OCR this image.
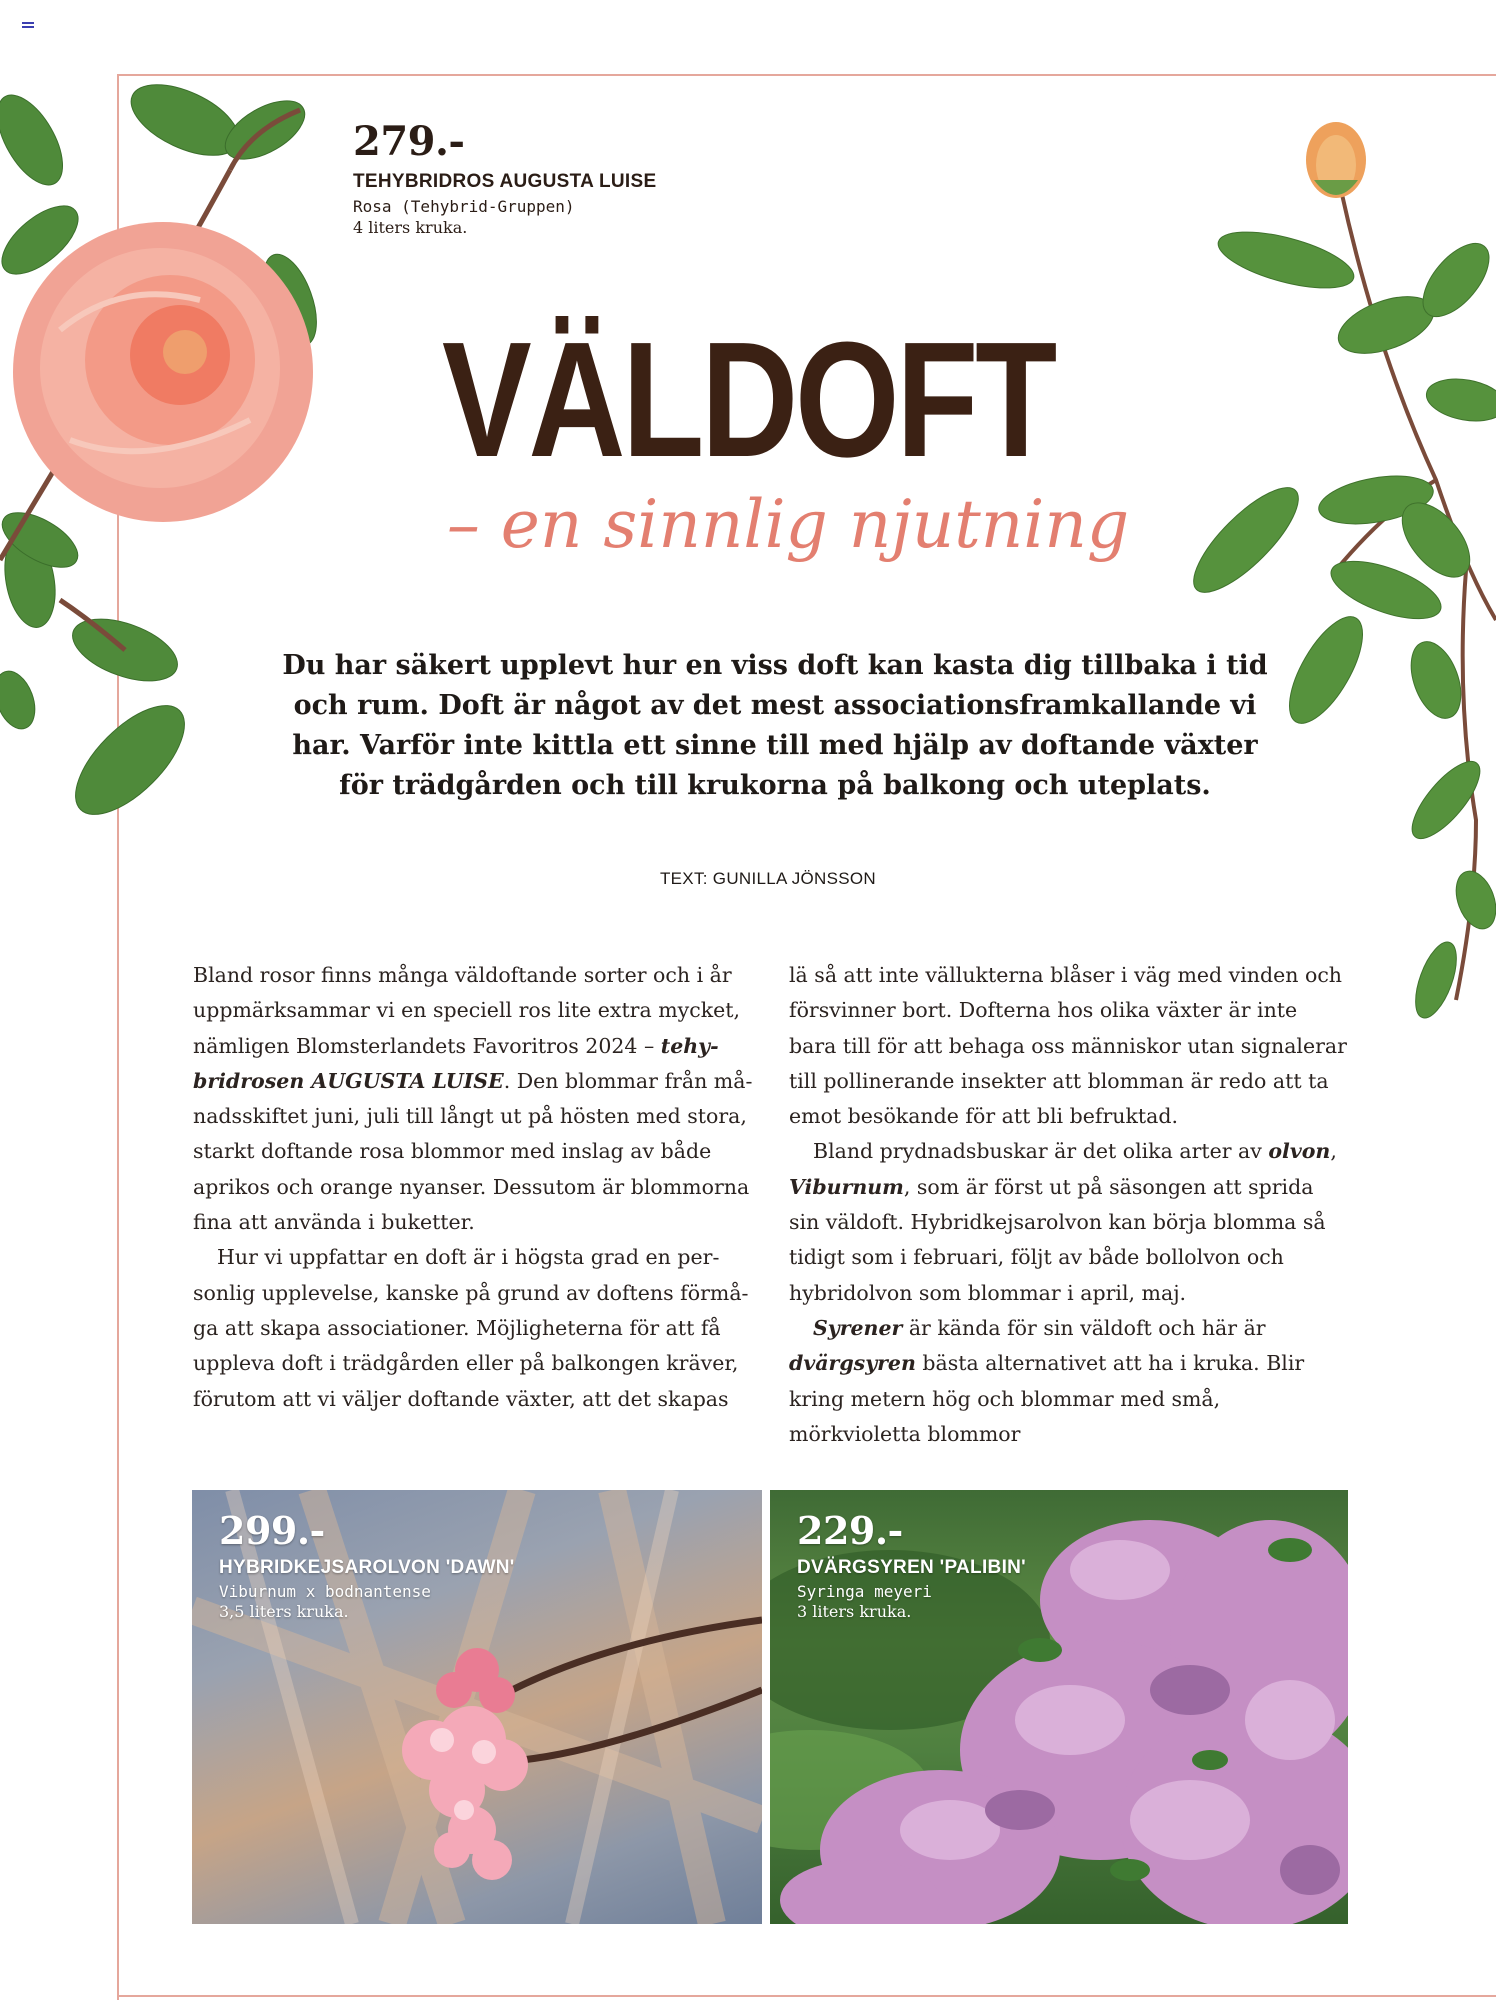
279.-
TEHYBRIDROS AUGUSTA LUISE
Rosa (Tehybrid-Gruppen)
4 liters kruka.
VÄLDOFT
– en sinnlig njutning
Du har säkert upplevt hur en viss doft kan kasta dig tillbaka i tid och rum. Doft är något av det mest associationsframkallande vi har. Varför inte kittla ett sinne till med hjälp av doftande växter för trädgården och till krukorna på balkong och uteplats.
TEXT: GUNILLA JÖNSSON

Bland rosor finns många väldoftande sorter och i år uppmärksammar vi en speciell ros lite extra mycket, nämligen Blomsterlandets Favoritros 2024 – tehybridrosen AUGUSTA LUISE. Den blommar från månadsskiftet juni, juli till långt ut på hösten med stora, starkt doftande rosa blommor med inslag av både aprikos och orange nyanser. Dessutom är blommorna fina att använda i buketter.

Hur vi uppfattar en doft är i högsta grad en personlig upplevelse, kanske på grund av doftens förmåga att skapa associationer. Möjligheterna för att få uppleva doft i trädgården eller på balkongen kräver, förutom att vi väljer doftande växter, att det skapas

lä så att inte vällukterna blåser i väg med vinden och försvinner bort. Dofterna hos olika växter är inte bara till för att behaga oss människor utan signalerar till pollinerande insekter att blomman är redo att ta emot besökande för att bli befruktad.

Bland prydnadsbuskar är det olika arter av olvon, Viburnum, som är först ut på säsongen att sprida sin väldoft. Hybridkejsarolvon kan börja blomma så tidigt som i februari, följt av både bollolvon och hybridolvon som blommar i april, maj.

Syrener är kända för sin väldoft och här är dvärgsyren bästa alternativet att ha i kruka. Blir kring metern hög och blommar med små, mörkvioletta blommor

299.-
HYBRIDKEJSAROLVON 'DAWN'
Viburnum x bodnantense
3,5 liters kruka.
229.-
DVÄRGSYREN 'PALIBIN'
Syringa meyeri
3 liters kruka.
